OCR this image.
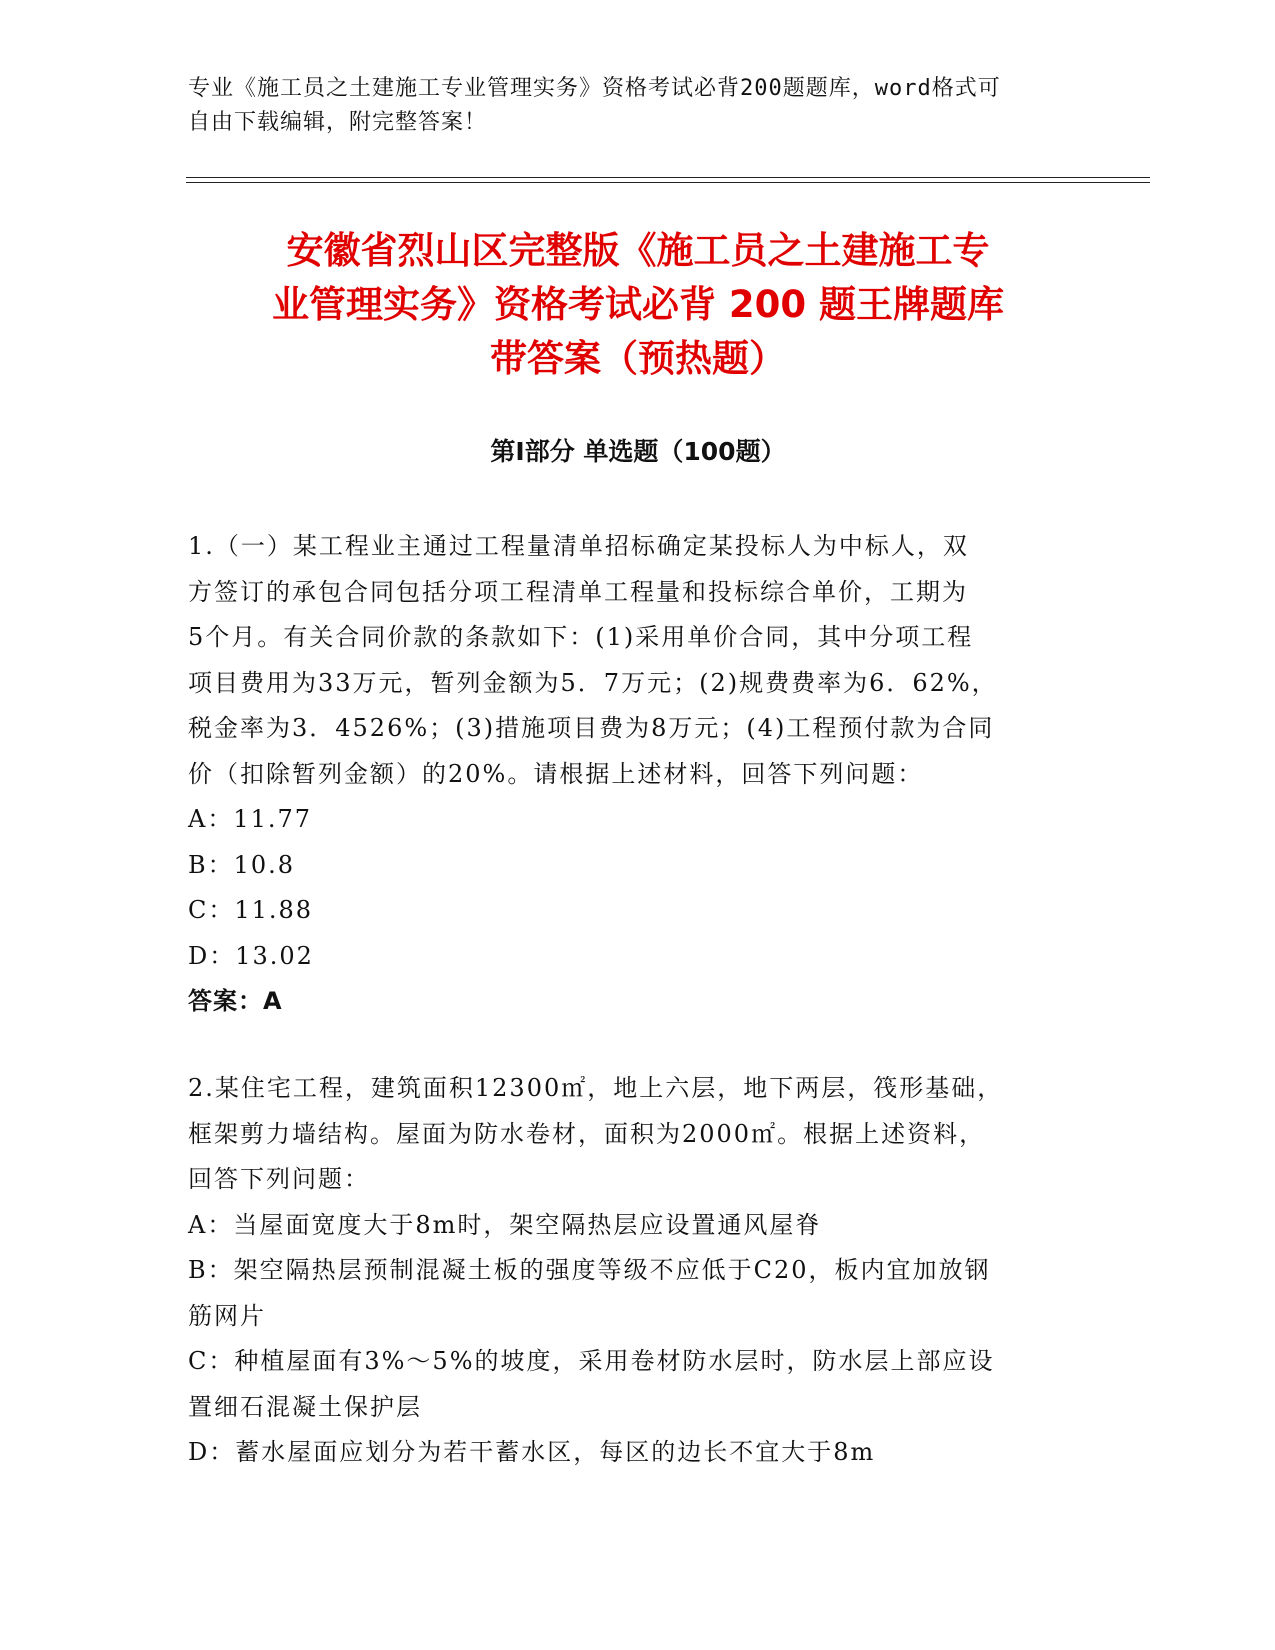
专业《施工员之土建施工专业管理实务》资格考试必背200题题库，word格式可
自由下载编辑，附完整答案！
安徽省烈山区完整版《施工员之土建施工专
业管理实务》资格考试必背 200 题王牌题库
带答案（预热题）
第Ⅰ部分 单选题（100题）

1.（一）某工程业主通过工程量清单招标确定某投标人为中标人，双

方签订的承包合同包括分项工程清单工程量和投标综合单价，工期为

5个月。有关合同价款的条款如下：(1)采用单价合同，其中分项工程

项目费用为33万元，暂列金额为5．7万元；(2)规费费率为6．62%，

税金率为3．4526%；(3)措施项目费为8万元；(4)工程预付款为合同

价（扣除暂列金额）的20%。请根据上述材料，回答下列问题：

A：11.77

B：10.8

C：11.88

D：13.02

答案：A

2.某住宅工程，建筑面积12300㎡，地上六层，地下两层，筏形基础，

框架剪力墙结构。屋面为防水卷材，面积为2000㎡。根据上述资料，

回答下列问题：

A：当屋面宽度大于8m时，架空隔热层应设置通风屋脊

B：架空隔热层预制混凝土板的强度等级不应低于C20，板内宜加放钢

筋网片

C：种植屋面有3%～5%的坡度，采用卷材防水层时，防水层上部应设

置细石混凝土保护层

D：蓄水屋面应划分为若干蓄水区，每区的边长不宜大于8m
